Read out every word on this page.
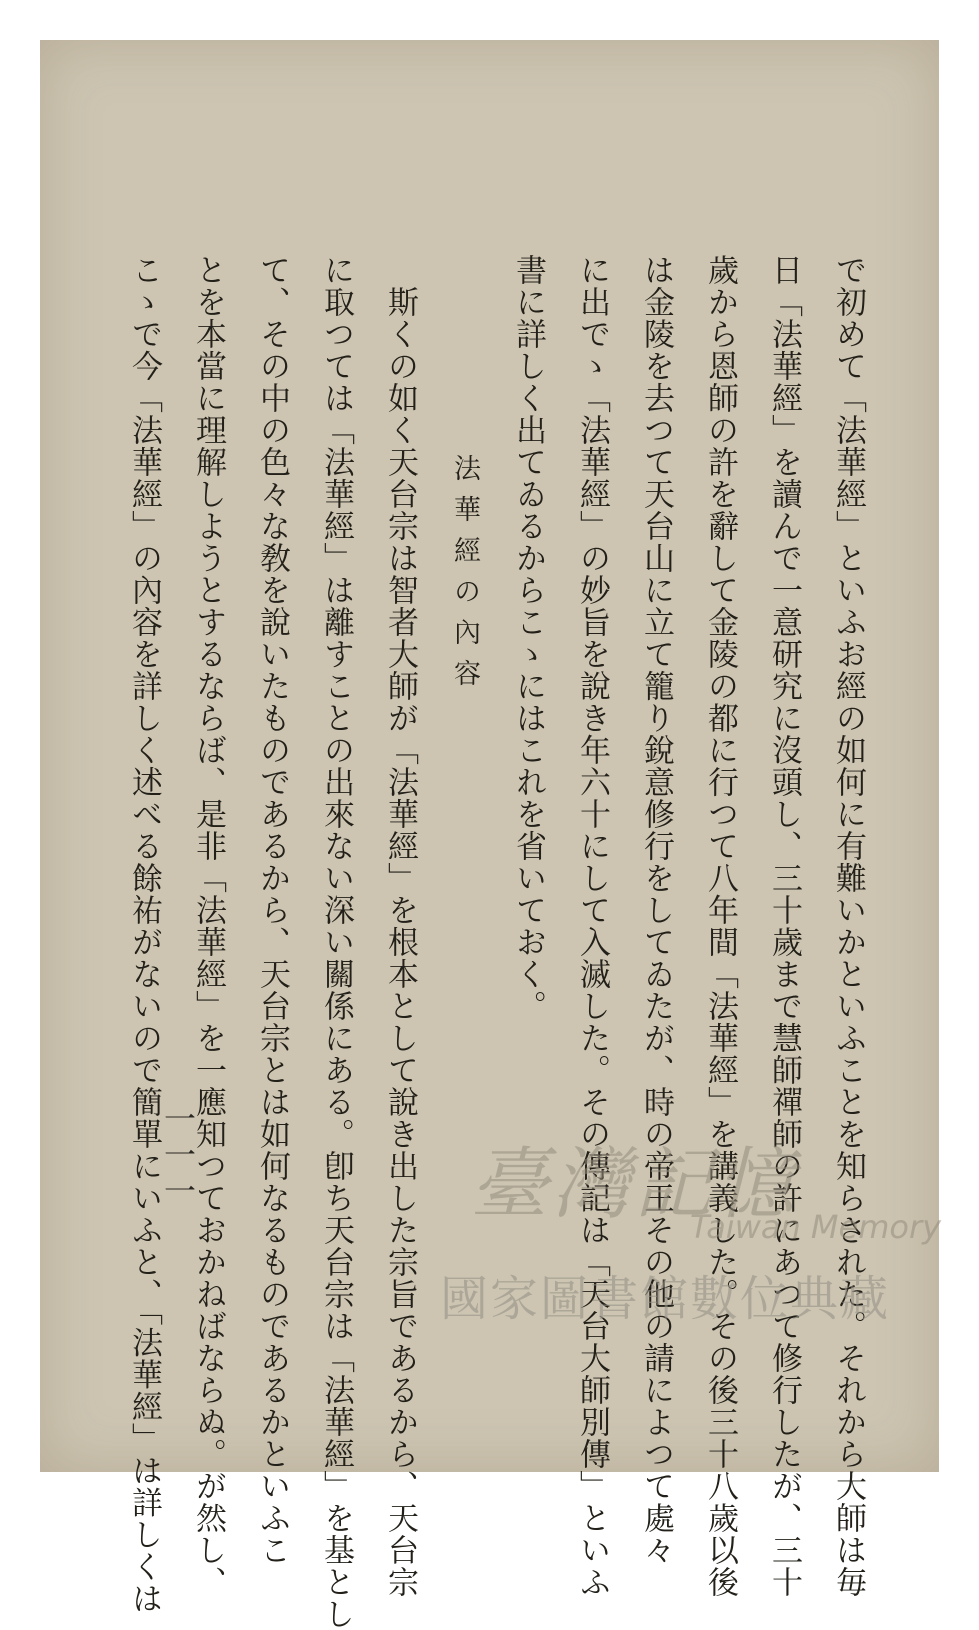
で初めて「法華經」といふお經の如何に有難いかといふことを知らされた。それから大師は毎

日「法華經」を讀んで一意研究に沒頭し、三十歲まで慧師禪師の許にあつて修行したが、三十

歲から恩師の許を辭して金陵の都に行つて八年間「法華經」を講義した。その後三十八歲以後

は金陵を去つて天台山に立て籠り銳意修行をしてゐたが、時の帝王その他の請によつて處々

に出でゝ「法華經」の妙旨を說き年六十にして入滅した。その傳記は「天台大師別傳」といふ

書に詳しく出てゐるからこゝにはこれを省いておく。

法華經の內容

斯くの如く天台宗は智者大師が「法華經」を根本として說き出した宗旨であるから、天台宗

に取つては「法華經」は離すことの出來ない深い關係にある。卽ち天台宗は「法華經」を基とし

て、その中の色々な敎を說いたものであるから、天台宗とは如何なるものであるかといふこ

とを本當に理解しようとするならば、是非「法華經」を一應知つておかねばならぬ。が然し、

こゝで今「法華經」の內容を詳しく述べる餘祐がないので簡單にいふと、「法華經」は詳しくは

一一一	臺灣記憶
Taiwan Memory
國家圖書館數位典藏
